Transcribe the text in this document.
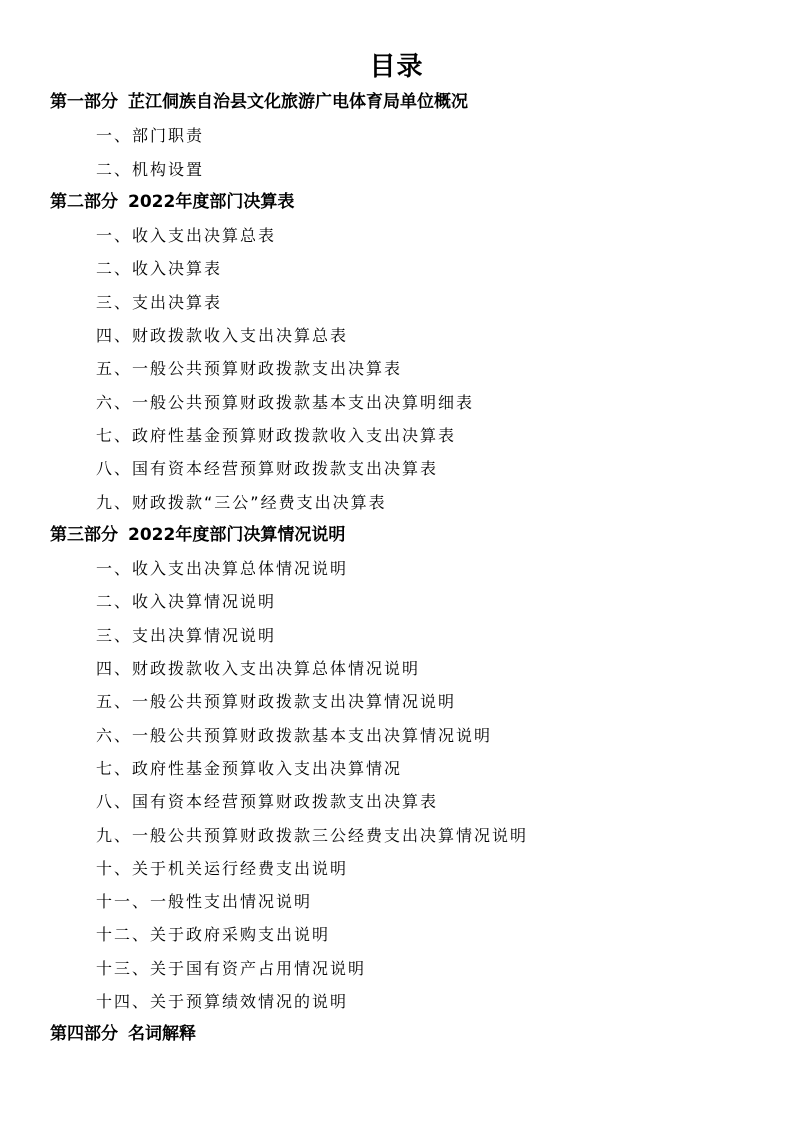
目录
第一部分 芷江侗族自治县文化旅游广电体育局单位概况
一、部门职责
二、机构设置
第二部分 2022年度部门决算表
一、收入支出决算总表
二、收入决算表
三、支出决算表
四、财政拨款收入支出决算总表
五、一般公共预算财政拨款支出决算表
六、一般公共预算财政拨款基本支出决算明细表
七、政府性基金预算财政拨款收入支出决算表
八、国有资本经营预算财政拨款支出决算表
九、财政拨款“三公”经费支出决算表
第三部分 2022年度部门决算情况说明
一、收入支出决算总体情况说明
二、收入决算情况说明
三、支出决算情况说明
四、财政拨款收入支出决算总体情况说明
五、一般公共预算财政拨款支出决算情况说明
六、一般公共预算财政拨款基本支出决算情况说明
七、政府性基金预算收入支出决算情况
八、国有资本经营预算财政拨款支出决算表
九、一般公共预算财政拨款三公经费支出决算情况说明
十、关于机关运行经费支出说明
十一、一般性支出情况说明
十二、关于政府采购支出说明
十三、关于国有资产占用情况说明
十四、关于预算绩效情况的说明
第四部分 名词解释
